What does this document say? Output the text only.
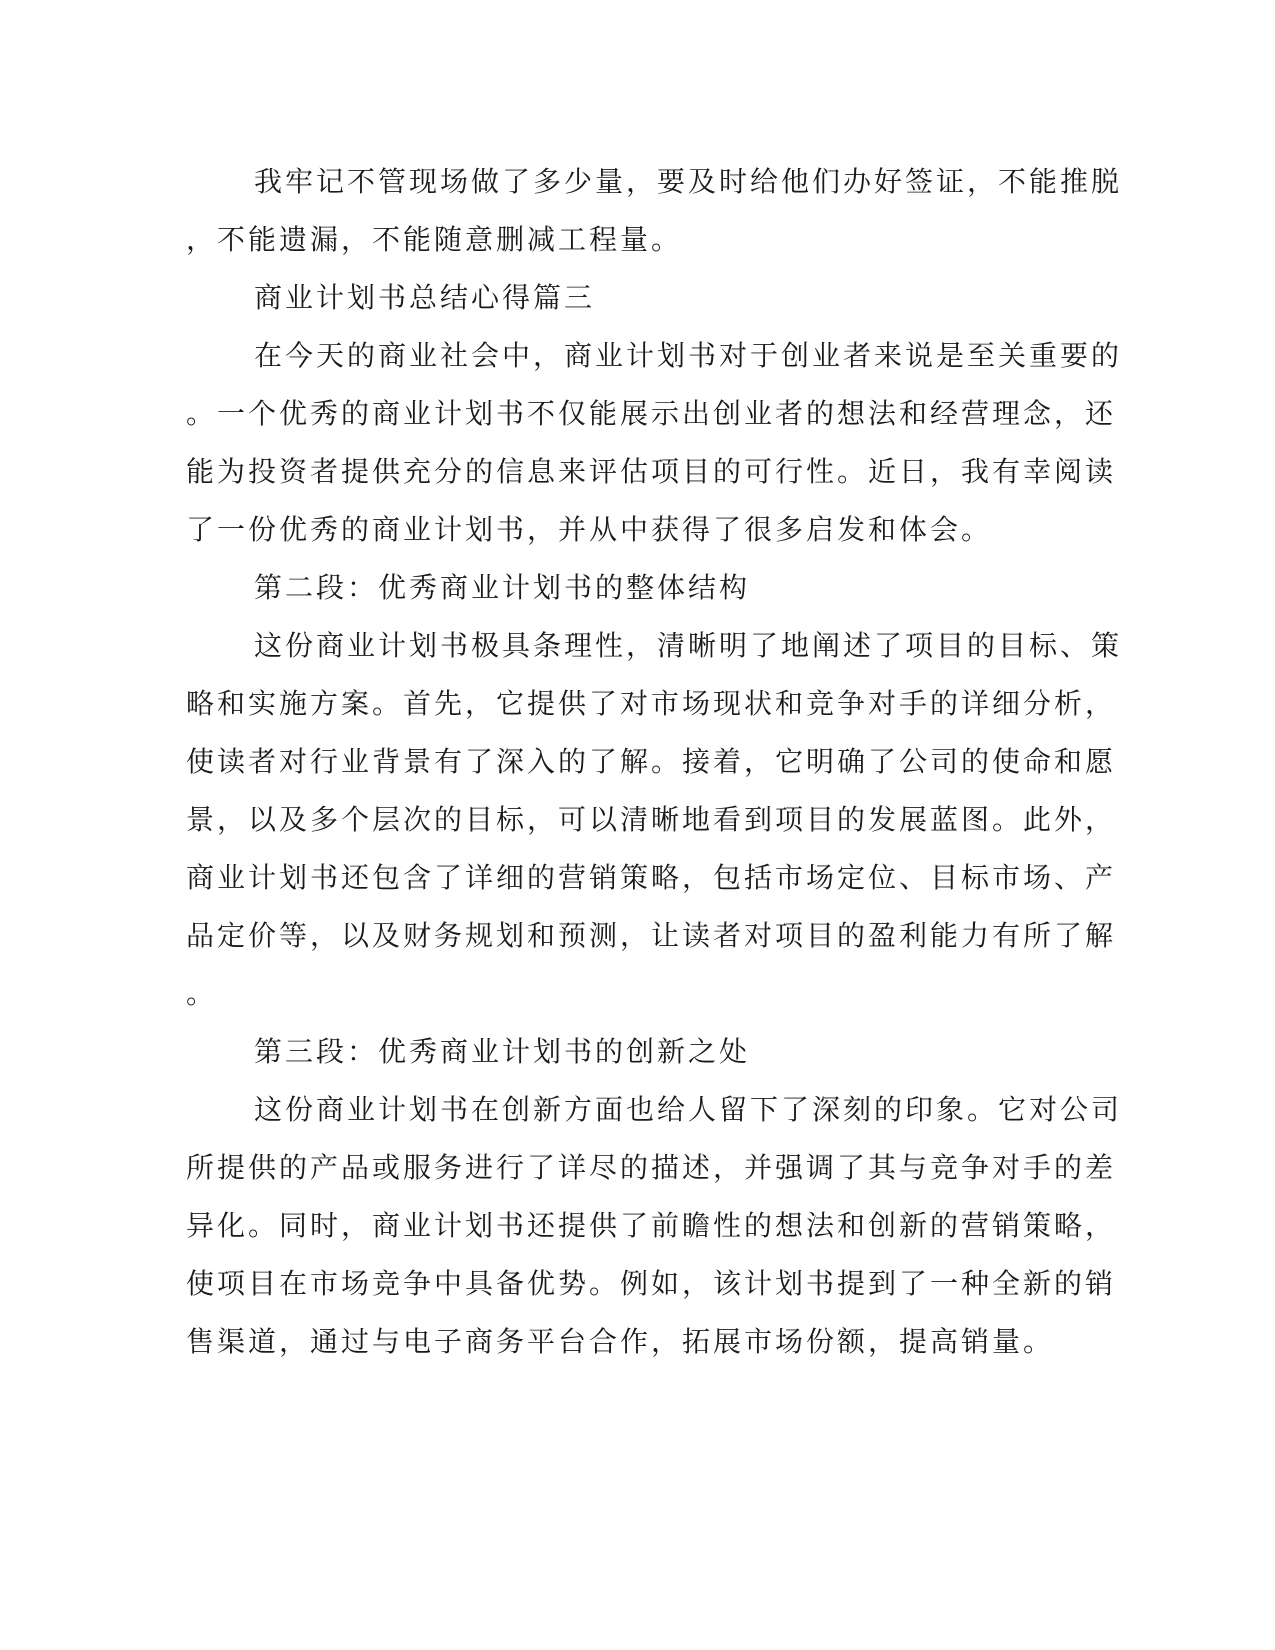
我牢记不管现场做了多少量，要及时给他们办好签证，不能推脱
，不能遗漏，不能随意删减工程量。
商业计划书总结心得篇三
在今天的商业社会中，商业计划书对于创业者来说是至关重要的
。一个优秀的商业计划书不仅能展示出创业者的想法和经营理念，还
能为投资者提供充分的信息来评估项目的可行性。近日，我有幸阅读
了一份优秀的商业计划书，并从中获得了很多启发和体会。
第二段：优秀商业计划书的整体结构
这份商业计划书极具条理性，清晰明了地阐述了项目的目标、策
略和实施方案。首先，它提供了对市场现状和竞争对手的详细分析，
使读者对行业背景有了深入的了解。接着，它明确了公司的使命和愿
景，以及多个层次的目标，可以清晰地看到项目的发展蓝图。此外，
商业计划书还包含了详细的营销策略，包括市场定位、目标市场、产
品定价等，以及财务规划和预测，让读者对项目的盈利能力有所了解
。
第三段：优秀商业计划书的创新之处
这份商业计划书在创新方面也给人留下了深刻的印象。它对公司
所提供的产品或服务进行了详尽的描述，并强调了其与竞争对手的差
异化。同时，商业计划书还提供了前瞻性的想法和创新的营销策略，
使项目在市场竞争中具备优势。例如，该计划书提到了一种全新的销
售渠道，通过与电子商务平台合作，拓展市场份额，提高销量。
